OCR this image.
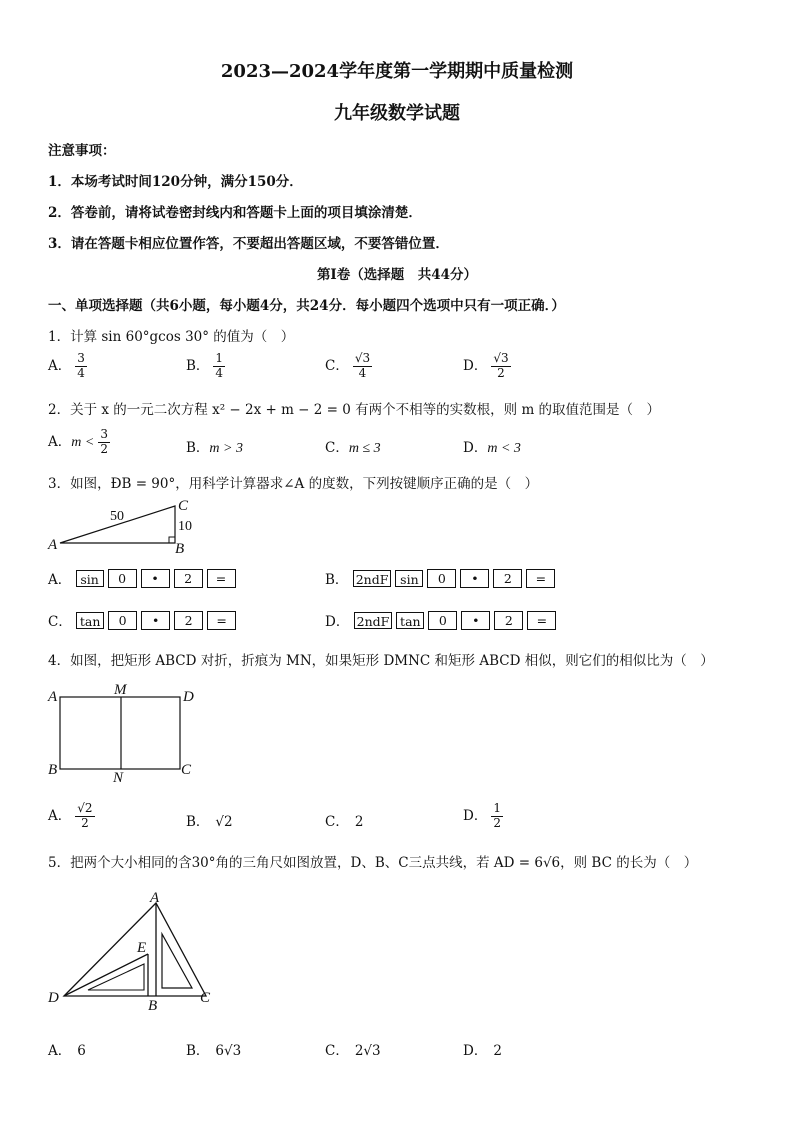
2023—2024学年度第一学期期中质量检测
九年级数学试题
注意事项：
1．本场考试时间120分钟，满分150分．
2．答卷前，请将试卷密封线内和答题卡上面的项目填涂清楚．
3．请在答题卡相应位置作答，不要超出答题区域，不要答错位置．
第Ⅰ卷（选择题　共44分）
一、单项选择题（共6小题，每小题4分，共24分．每小题四个选项中只有一项正确．）
1．计算 sin 60°gcos 30° 的值为（　）
A． $\frac{3}{4}$	B． $\frac{1}{4}$	C． $\frac{√3}{4}$	D． $\frac{√3}{2}$
2．关于 x 的一元二次方程 x² − 2x + m − 2 = 0 有两个不相等的实数根，则 m 的取值范围是（　）
A．$m < \frac{3}{2}$	B．m > 3	C．m ≤ 3	D．m < 3
3．如图，ÐB = 90°，用科学计算器求∠A 的度数，下列按键顺序正确的是（　）
A	B
C
50
10
A． sin 0 • 2 =	B． 2ndF sin 0 • 2 =
C． tan 0 • 2 =	D． 2ndF tan 0 • 2 =
4．如图，把矩形 ABCD 对折，折痕为 MN，如果矩形 DMNC 和矩形 ABCD 相似，则它们的相似比为（　）
A	M	D
B	N	C
A． $\frac{√2}{2}$	B． √2	C． 2	D． $\frac{1}{2}$
5．把两个大小相同的含30°角的三角尺如图放置，D、B、C三点共线，若 AD = 6√6，则 BC 的长为（　）
A
E
D	B	C
A． 6	B． 6√3	C． 2√3	D． 2
